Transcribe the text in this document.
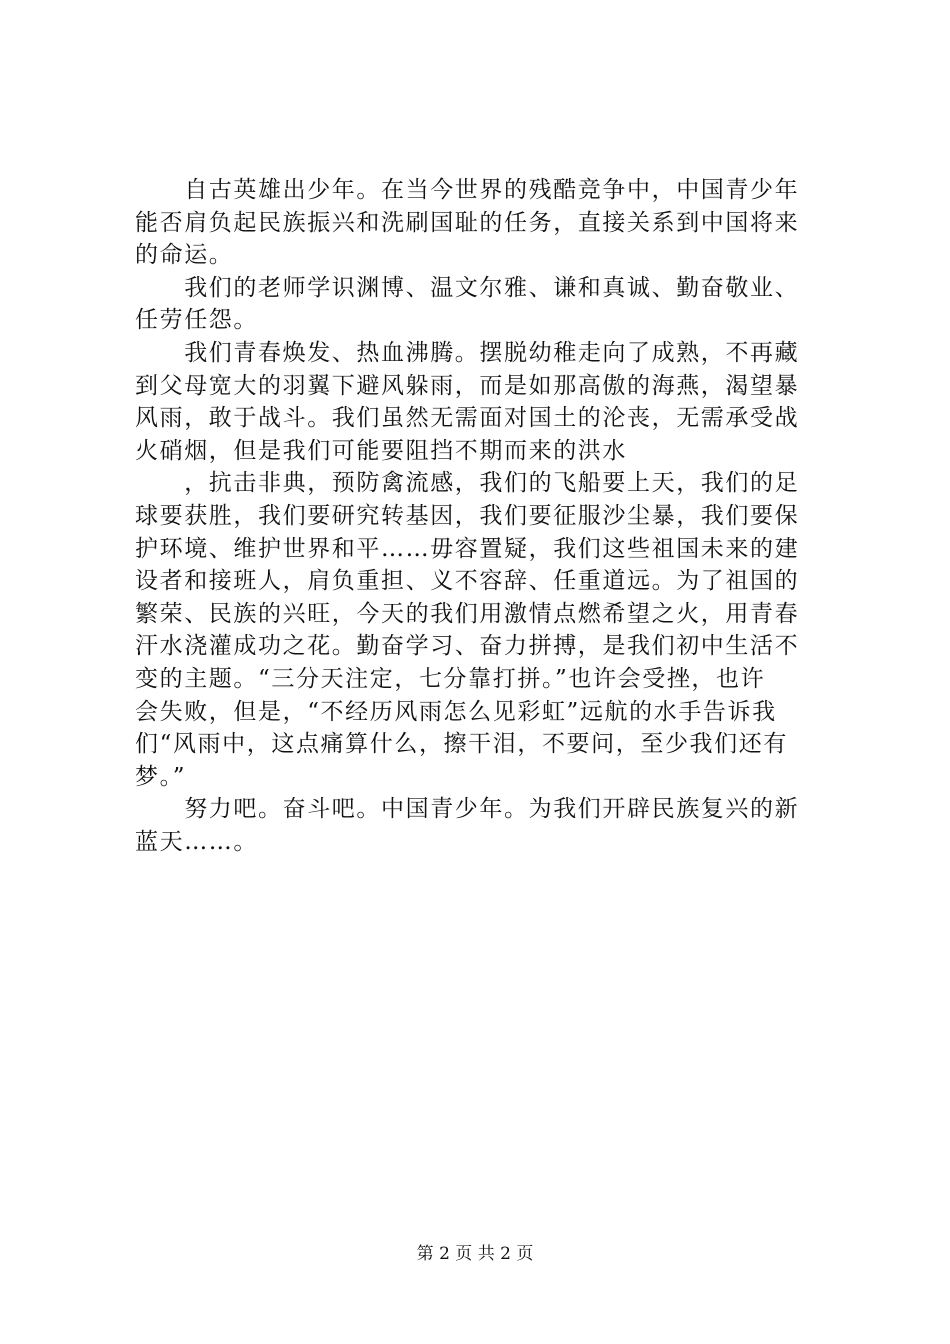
　　自古英雄出少年。在当今世界的残酷竞争中，中国青少年
能否肩负起民族振兴和洗刷国耻的任务，直接关系到中国将来
的命运。
　　我们的老师学识渊博、温文尔雅、谦和真诚、勤奋敬业、
任劳任怨。
　　我们青春焕发、热血沸腾。摆脱幼稚走向了成熟，不再藏
到父母宽大的羽翼下避风躲雨，而是如那高傲的海燕，渴望暴
风雨，敢于战斗。我们虽然无需面对国土的沦丧，无需承受战
火硝烟，但是我们可能要阻挡不期而来的洪水
　　，抗击非典，预防禽流感，我们的飞船要上天，我们的足
球要获胜，我们要研究转基因，我们要征服沙尘暴，我们要保
护环境、维护世界和平……毋容置疑，我们这些祖国未来的建
设者和接班人，肩负重担、义不容辞、任重道远。为了祖国的
繁荣、民族的兴旺，今天的我们用激情点燃希望之火，用青春
汗水浇灌成功之花。勤奋学习、奋力拼搏，是我们初中生活不
变的主题。“三分天注定，七分靠打拼。”也许会受挫，也许
会失败，但是，“不经历风雨怎么见彩虹”远航的水手告诉我
们“风雨中，这点痛算什么，擦干泪，不要问，至少我们还有
梦。”
　　努力吧。奋斗吧。中国青少年。为我们开辟民族复兴的新
蓝天……。
第 2 页 共 2 页
